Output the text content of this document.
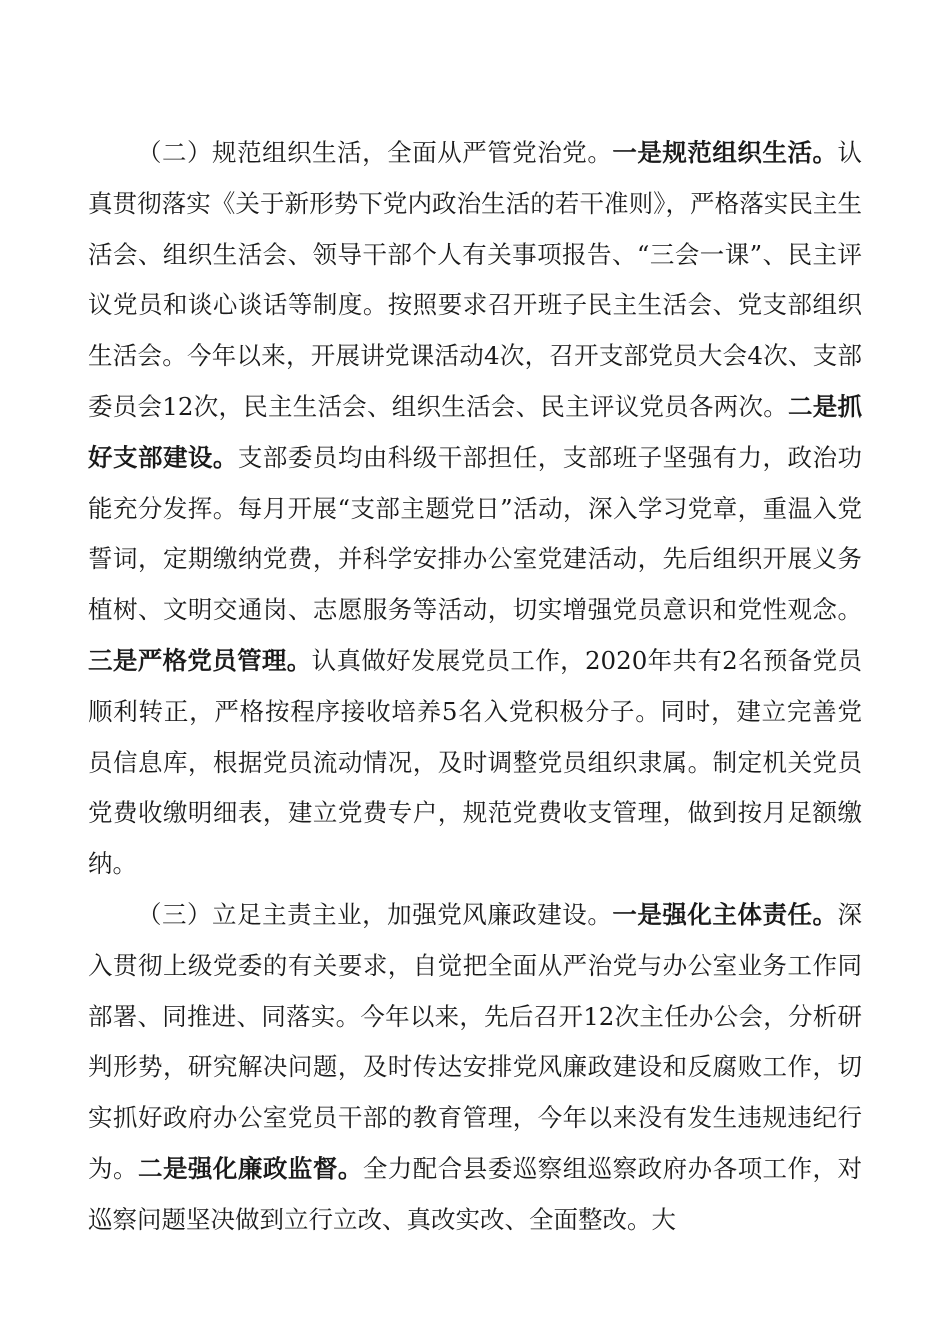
（二）规范组织生活，全面从严管党治党。一是规范组织生活。认真贯彻落实《关于新形势下党内政治生活的若干准则》，严格落实民主生活会、组织生活会、领导干部个人有关事项报告、“三会一课”、民主评议党员和谈心谈话等制度。按照要求召开班子民主生活会、党支部组织生活会。今年以来，开展讲党课活动4次，召开支部党员大会4次、支部委员会12次，民主生活会、组织生活会、民主评议党员各两次。二是抓好支部建设。支部委员均由科级干部担任，支部班子坚强有力，政治功能充分发挥。每月开展“支部主题党日”活动，深入学习党章，重温入党誓词，定期缴纳党费，并科学安排办公室党建活动，先后组织开展义务植树、文明交通岗、志愿服务等活动，切实增强党员意识和党性观念。三是严格党员管理。认真做好发展党员工作，2020年共有2名预备党员顺利转正，严格按程序接收培养5名入党积极分子。同时，建立完善党员信息库，根据党员流动情况，及时调整党员组织隶属。制定机关党员党费收缴明细表，建立党费专户，规范党费收支管理，做到按月足额缴纳。

（三）立足主责主业，加强党风廉政建设。一是强化主体责任。深入贯彻上级党委的有关要求，自觉把全面从严治党与办公室业务工作同部署、同推进、同落实。今年以来，先后召开12次主任办公会，分析研判形势，研究解决问题，及时传达安排党风廉政建设和反腐败工作，切实抓好政府办公室党员干部的教育管理，今年以来没有发生违规违纪行为。二是强化廉政监督。全力配合县委巡察组巡察政府办各项工作，对巡察问题坚决做到立行立改、真改实改、全面整改。大
